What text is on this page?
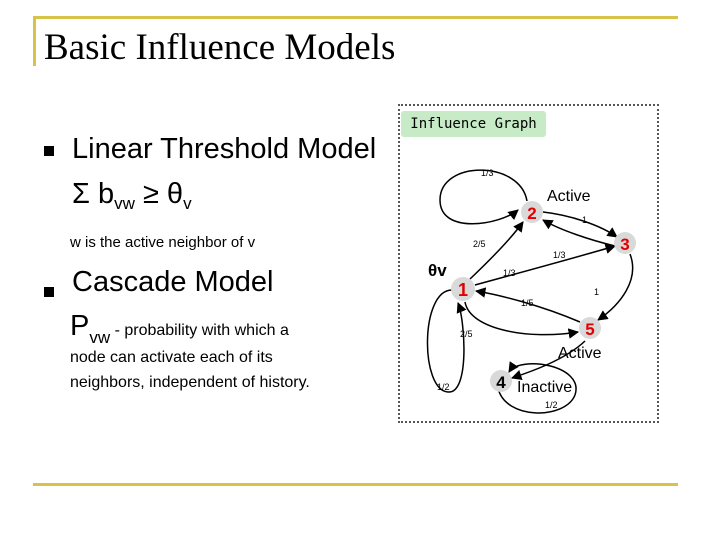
Basic Influence Models
Linear Threshold Model
Σ $b_{vw} \ge \theta_v$
w is the active neighbor of v
Cascade Model
Pvw - probability with which a
node can activate each of its neighbors, independent of history.
Influence Graph
2
3
1
5
4
Active
Active
Inactive
θv
1/3
1
2/5
1/3
1/3
1
1/5
2/5
1/2
1/2
